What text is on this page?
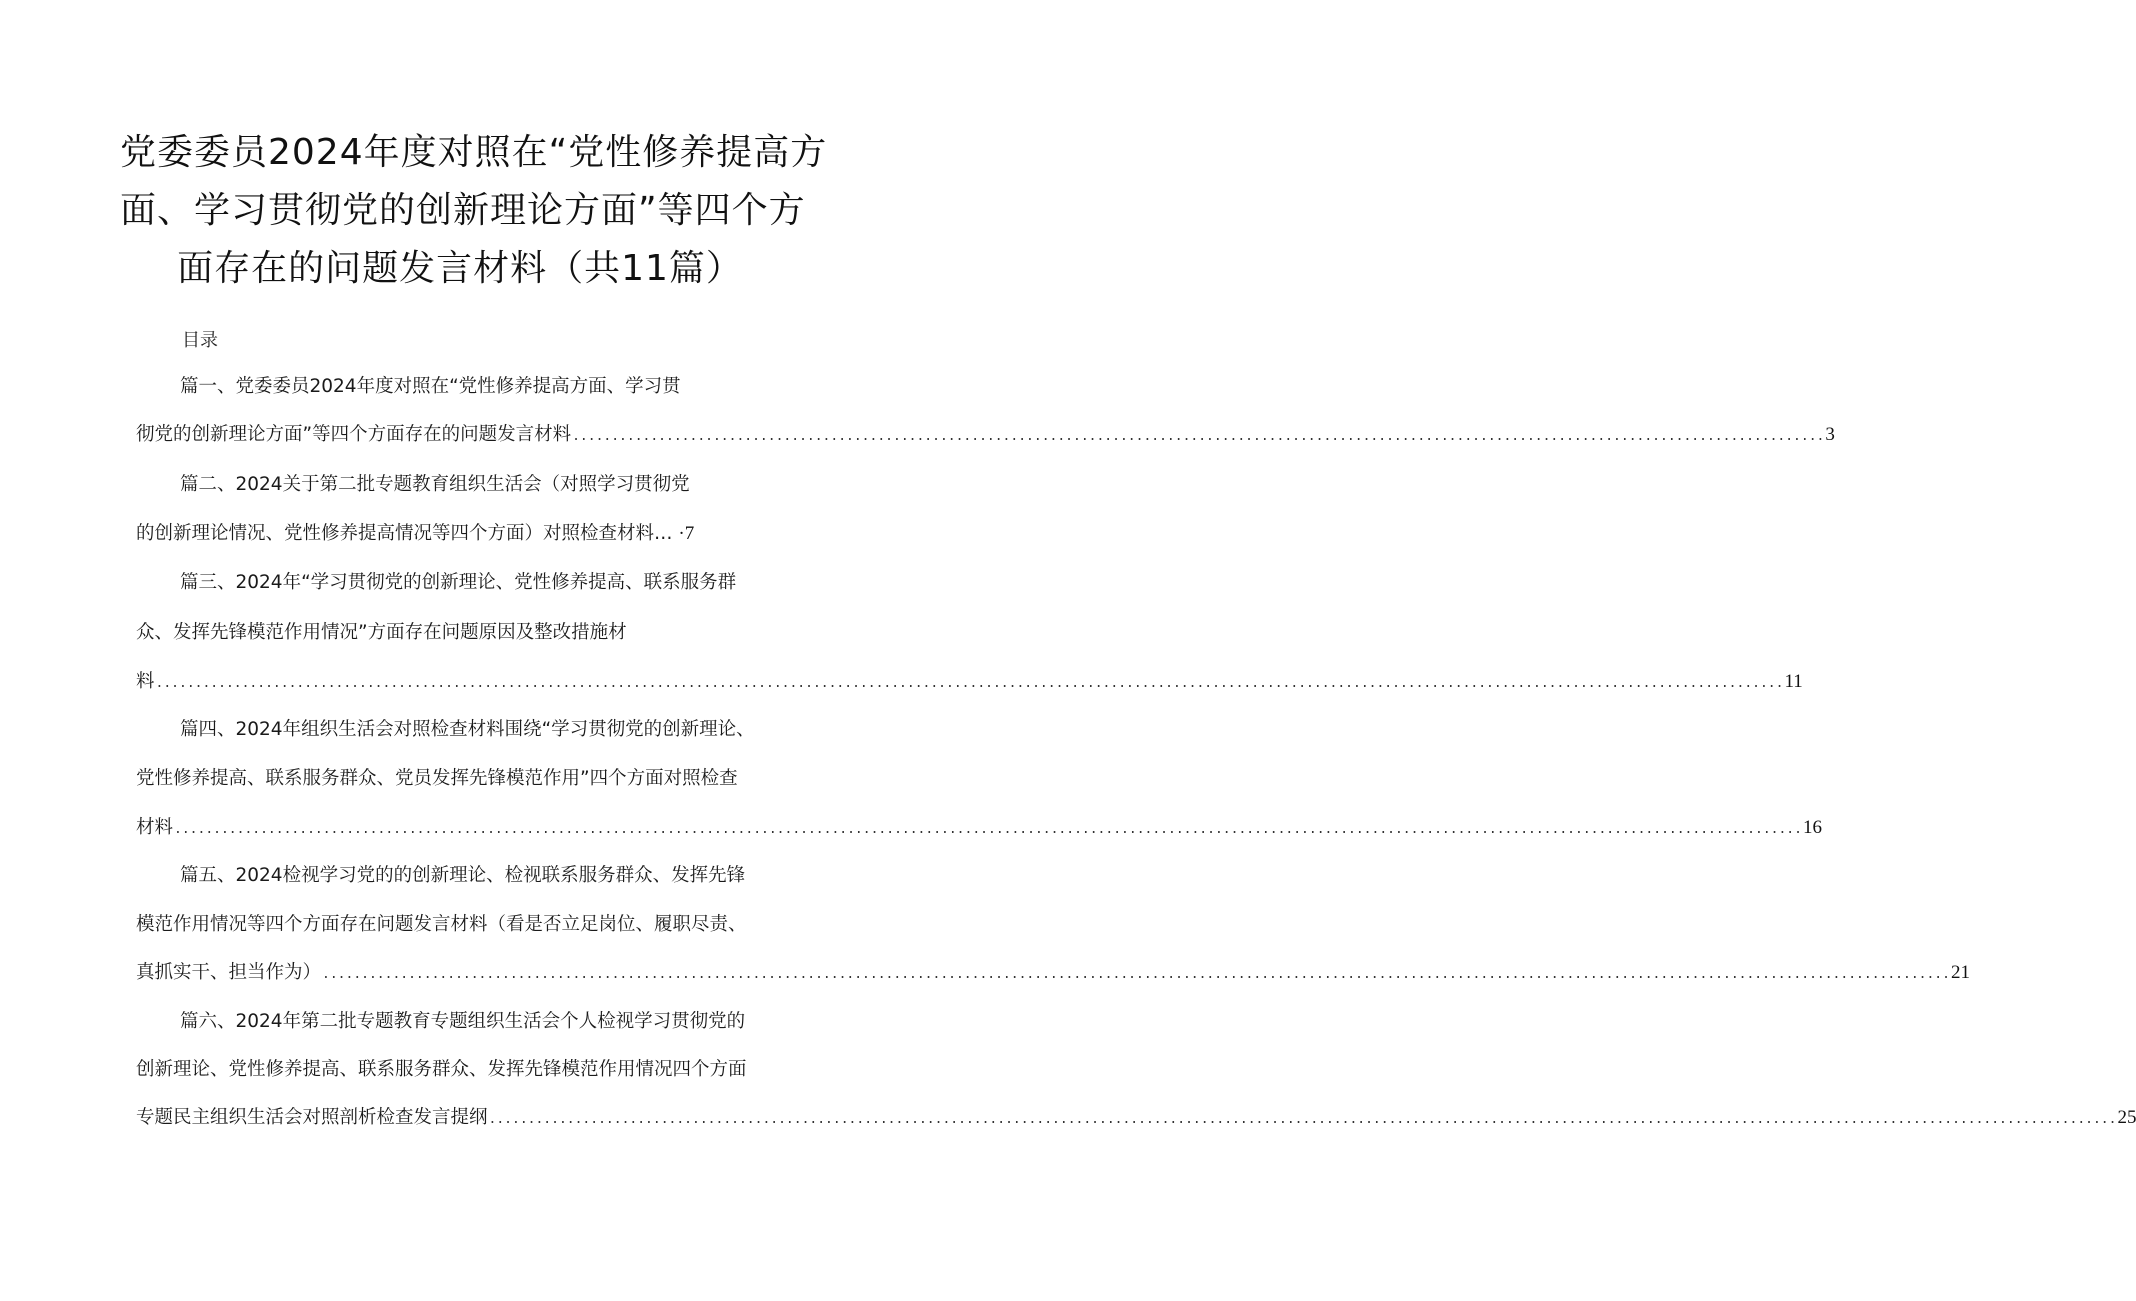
党委委员2024年度对照在“党性修养提高方
面、学习贯彻党的创新理论方面”等四个方
面存在的问题发言材料（共11篇）
目录
篇一、党委委员2024年度对照在“党性修养提高方面、学习贯
彻党的创新理论方面”等四个方面存在的问题发言材料 ................................................................................................................................................................ 3
篇二、2024关于第二批专题教育组织生活会（对照学习贯彻党
的创新理论情况、党性修养提高情况等四个方面）对照检查材料… ·7
篇三、2024年“学习贯彻党的创新理论、党性修养提高、联系服务群
众、发挥先锋模范作用情况”方面存在问题原因及整改措施材
料 ................................................................................................................................................................................................................ 11
篇四、2024年组织生活会对照检查材料围绕“学习贯彻党的创新理论、
党性修养提高、联系服务群众、党员发挥先锋模范作用”四个方面对照检查
材料 ................................................................................................................................................................................................................ 16
篇五、2024检视学习党的的创新理论、检视联系服务群众、发挥先锋
模范作用情况等四个方面存在问题发言材料（看是否立足岗位、履职尽责、
真抓实干、担当作为） ................................................................................................................................................................................................................ 21
篇六、2024年第二批专题教育专题组织生活会个人检视学习贯彻党的
创新理论、党性修养提高、联系服务群众、发挥先锋模范作用情况四个方面
专题民主组织生活会对照剖析检查发言提纲 ................................................................................................................................................................................................................ 25
